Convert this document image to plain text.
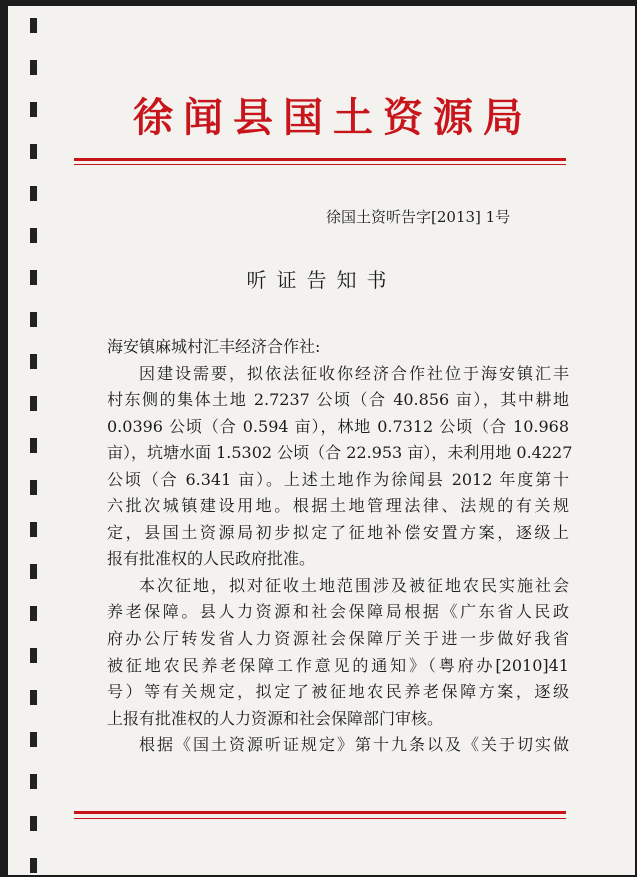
徐闻县国土资源局
徐国土资听告字[2013] 1号
听证告知书
海安镇麻城村汇丰经济合作社:
因建设需要，拟依法征收你经济合作社位于海安镇汇丰
村东侧的集体土地 2.7237 公顷（合 40.856 亩），其中耕地
0.0396 公顷（合 0.594 亩），林地 0.7312 公顷（合 10.968
亩），坑塘水面 1.5302 公顷（合 22.953 亩），未利用地 0.4227
公顷（合 6.341 亩）。上述土地作为徐闻县 2012 年度第十
六批次城镇建设用地。根据土地管理法律、法规的有关规
定，县国土资源局初步拟定了征地补偿安置方案，逐级上
报有批准权的人民政府批准。
本次征地，拟对征收土地范围涉及被征地农民实施社会
养老保障。县人力资源和社会保障局根据《广东省人民政
府办公厅转发省人力资源社会保障厅关于进一步做好我省
被征地农民养老保障工作意见的通知》（粤府办[2010]41
号）等有关规定，拟定了被征地农民养老保障方案，逐级
上报有批准权的人力资源和社会保障部门审核。
根据《国土资源听证规定》第十九条以及《关于切实做
